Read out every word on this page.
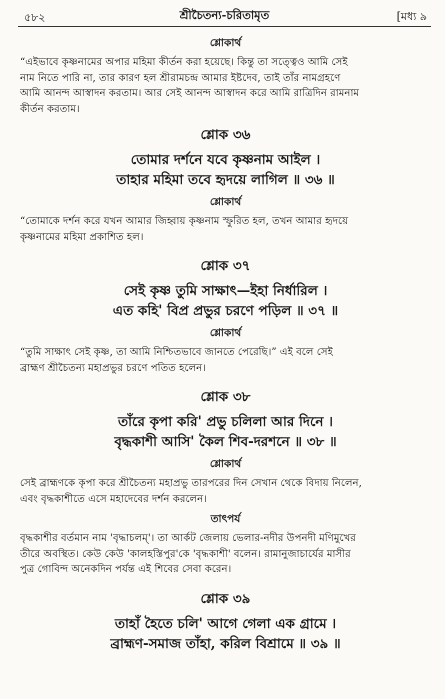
৫৮২	শ্রীচৈতন্য-চরিতামৃত	[মধ্য ৯
শ্লোকার্থ
“এইভাবে কৃষ্ণনামের অপার মহিমা কীর্তন করা হয়েছে। কিন্তু তা সত্ত্বেও আমি সেই
নাম নিতে পারি না, তার কারণ হল শ্রীরামচন্দ্র আমার ইষ্টদেব, তাই তাঁর নামগ্রহণে
আমি আনন্দ আস্বাদন করতাম। আর সেই আনন্দ আস্বাদন করে আমি রাত্রিদিন রামনাম
কীর্তন করতাম।
শ্লোক ৩৬
তোমার দর্শনে যবে কৃষ্ণনাম আইল ।
তাহার মহিমা তবে হৃদয়ে লাগিল ॥ ৩৬ ॥
শ্লোকার্থ
“তোমাকে দর্শন করে যখন আমার জিহ্বায় কৃষ্ণনাম স্ফুরিত হল, তখন আমার হৃদয়ে
কৃষ্ণনামের মহিমা প্রকাশিত হল।
শ্লোক ৩৭
সেই কৃষ্ণ তুমি সাক্ষাৎ—ইহা নির্ধারিল ।
এত কহি' বিপ্র প্রভুর চরণে পড়িল ॥ ৩৭ ॥
শ্লোকার্থ
“তুমি সাক্ষাৎ সেই কৃষ্ণ, তা আমি নিশ্চিতভাবে জানতে পেরেছি।” এই বলে সেই
ব্রাহ্মণ শ্রীচৈতন্য মহাপ্রভুর চরণে পতিত হলেন।
শ্লোক ৩৮
তাঁরে কৃপা করি' প্রভু চলিলা আর দিনে ।
বৃদ্ধকাশী আসি' কৈল শিব-দরশনে ॥ ৩৮ ॥
শ্লোকার্থ
সেই ব্রাহ্মণকে কৃপা করে শ্রীচৈতন্য মহাপ্রভু তারপরের দিন সেখান থেকে বিদায় নিলেন,
এবং বৃদ্ধকাশীতে এসে মহাদেবের দর্শন করলেন।
তাৎপর্য
বৃদ্ধকাশীর বর্তমান নাম 'বৃদ্ধাচলম্'। তা আর্কট জেলায় ভেলার-নদীর উপনদী মণিমুখের
তীরে অবস্থিত। কেউ কেউ 'কালহস্তিপুর'কে 'বৃদ্ধকাশী' বলেন। রামানুজাচার্যের মাসীর
পুত্র গোবিন্দ অনেকদিন পর্যন্ত এই শিবের সেবা করেন।
শ্লোক ৩৯
তাহাঁ হৈতে চলি' আগে গেলা এক গ্রামে ।
ব্রাহ্মণ-সমাজ তাঁহা, করিল বিশ্রামে ॥ ৩৯ ॥
